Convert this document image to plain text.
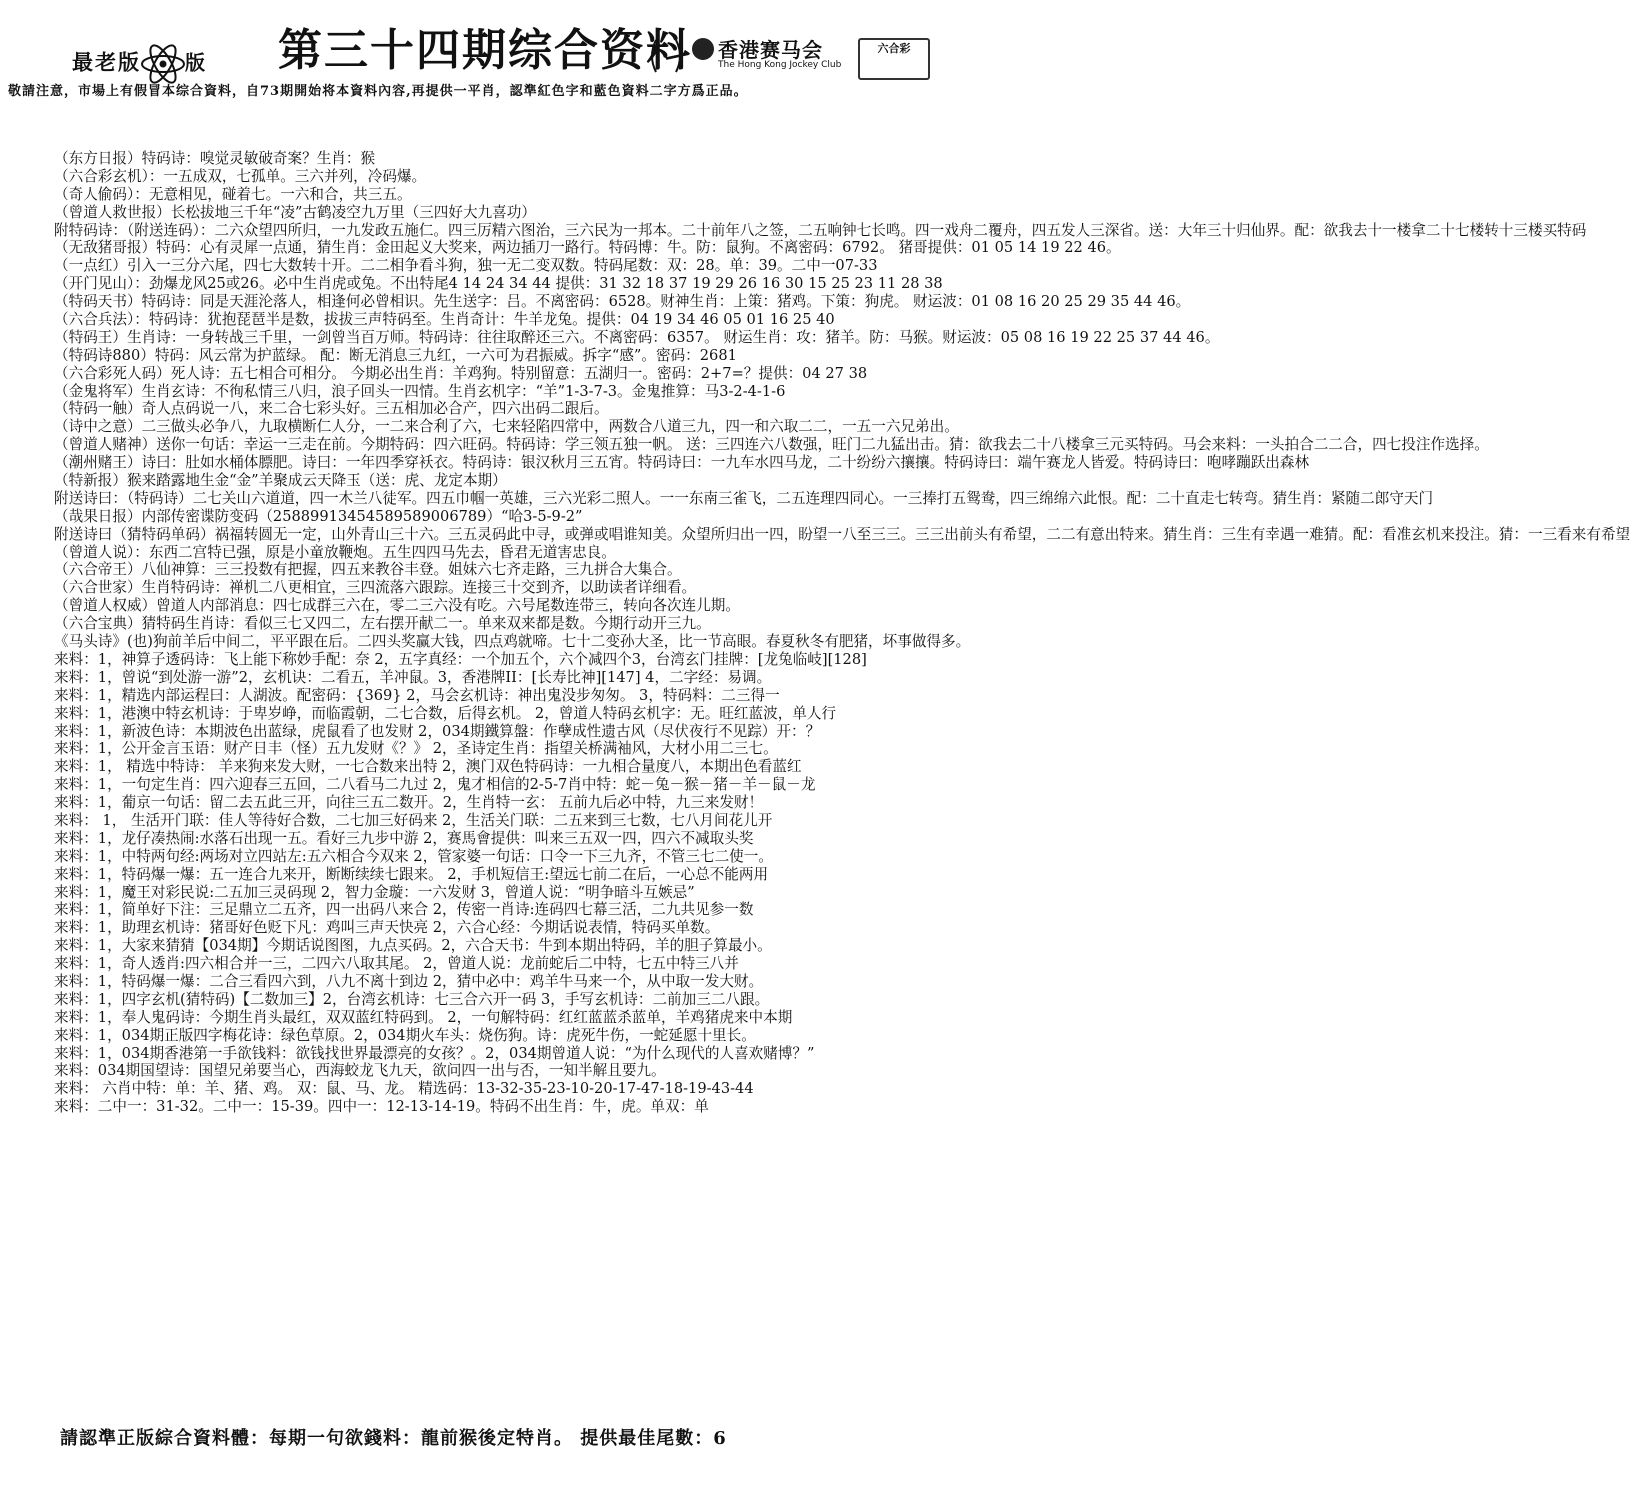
最老版 版 第三十四期综合资料 香港赛马会
The Hong Kong Jockey Club
六合彩
敬請注意，市場上有假冒本综合資料，自73期開始将本資料內容,再提供一平肖，認準紅色字和藍色資料二字方爲正品。
（东方日报）特码诗：嗅觉灵敏破奇案？生肖：猴
（六合彩玄机）：一五成双，七孤单。三六并列，冷码爆。
（奇人偷码）：无意相见，碰着七。一六和合，共三五。
（曾道人救世报）长松拔地三千年“凌”古鹤凌空九万里（三四好大九喜功）
附特码诗：（附送连码）：二六众望四所归，一九发政五施仁。四三厉精六图治，三六民为一邦本。二十前年八之签，二五响钟七长鸣。四一戏舟二覆舟，四五发人三深省。送：大年三十归仙界。配：欲我去十一楼拿二十七楼转十三楼买特码
（无敌猪哥报）特码：心有灵犀一点通，猜生肖：金田起义大奖来，两边插刀一路行。特码博：牛。防：鼠狗。不离密码：6792。 猪哥提供：01 05 14 19 22 46。
（一点红）引入一三分六尾，四七大数转十开。二二相争看斗狗，独一无二变双数。特码尾数：双：28。单：39。二中一07-33
（开门见山）：劲爆龙风25或26。必中生肖虎或兔。不出特尾4 14 24 34 44 提供：31 32 18 37 19 29 26 16 30 15 25 23 11 28 38
（特码天书）特码诗：同是天涯沦落人，相逢何必曾相识。先生送字：吕。不离密码：6528。财神生肖：上策：猪鸡。下策：狗虎。 财运波：01 08 16 20 25 29 35 44 46。
（六合兵法）：特码诗：犹抱琵琶半是数，拔拔三声特码至。生肖奇计：牛羊龙兔。提供：04 19 34 46 05 01 16 25 40
（特码王）生肖诗：一身转战三千里，一剑曾当百万师。特码诗：往往取醉还三六。不离密码：6357。 财运生肖：攻：猪羊。防：马猴。财运波：05 08 16 19 22 25 37 44 46。
（特码诗880）特码：风云常为护蓝绿。 配：断无消息三九红，一六可为君振威。拆字“感”。密码：2681
（六合彩死人码）死人诗：五七相合可相分。 今期必出生肖：羊鸡狗。特别留意：五湖归一。密码：2+7=？提供：04 27 38
（金鬼将军）生肖玄诗：不徇私情三八归，浪子回头一四情。生肖玄机字：“羊”1-3-7-3。金鬼推算：马3-2-4-1-6
（特码一触）奇人点码说一八，来二合七彩头好。三五相加必合产，四六出码二跟后。
（诗中之意）二三做头必争八，九取横断仁人分，一二来合利了六，七来轻陷四常中，两数合八道三九，四一和六取二二，一五一六兄弟出。
（曾道人赌神）送你一句话：幸运一三走在前。今期特码：四六旺码。特码诗：学三领五独一帆。 送：三四连六八数强，旺门二九猛出击。猜：欲我去二十八楼拿三元买特码。马会来料：一头拍合二二合，四七投注作选择。
（潮州赌王）诗曰：肚如水桶体膘肥。诗曰：一年四季穿袄衣。特码诗：银汉秋月三五宵。特码诗曰：一九车水四马龙，二十纷纷六攘攘。特码诗曰：端午赛龙人皆爱。特码诗曰：咆哮蹦跃出森林
（特新报）猴来踏露地生金“金”羊聚成云天降玉（送：虎、龙定本期）
附送诗曰：（特码诗）二七关山六道道，四一木兰八徒军。四五巾帼一英雄，三六光彩二照人。一一东南三雀飞，二五连理四同心。一三捧打五鸳鸯，四三绵绵六此恨。配：二十直走七转弯。猜生肖：紧随二郎守天门
（哉果日报）内部传密谍防变码（25889913454589589006789）“哈3-5-9-2”
附送诗曰（猜特码单码）祸福转圆无一定，山外青山三十六。三五灵码此中寻，或弹或唱谁知美。众望所归出一四，盼望一八至三三。三三出前头有希望，二二有意出特来。猜生肖：三生有幸遇一难猜。配：看准玄机来投注。猜：一三看来有希望
（曾道人说）：东西二宫特已强，原是小童放鞭炮。五生四四马先去，昏君无道害忠良。
（六合帝王）八仙神算：三三投数有把握，四五来教谷丰登。姐妹六七齐走路，三九拼合大集合。
（六合世家）生肖特码诗：禅机二八更相宜，三四流落六跟踪。连接三十交到齐，以助读者详细看。
（曾道人权威）曾道人内部消息：四七成群三六在，零二三六没有吃。六号尾数连带三，转向各次连儿期。
（六合宝典）猜特码生肖诗：看似三七又四二，左右摆开献二一。单来双来都是数。今期行动开三九。
《马头诗》(也)狗前羊后中间二，平平跟在后。二四头奖赢大钱，四点鸡就啼。七十二变孙大圣，比一节高眼。春夏秋冬有肥猪，坏事做得多。
来料：1，神算子透码诗：飞上能下称妙手配：奈 2，五字真经：一个加五个，六个减四个3，台湾玄门挂牌：[龙兔临岐][128]
来料：1，曾说“到处游一游”2，玄机诀：二看五，羊冲鼠。3，香港牌II：[长寿比神][147] 4，二字经：易调。
来料：1，精选内部运程曰：人湖波。配密码：{369} 2，马会玄机诗：神出鬼没步匆匆。 3，特码料：二三得一
来料：1，港澳中特玄机诗：于卑岁峥，而临霞朝，二七合数，后得玄机。 2，曾道人特码玄机字：无。旺红蓝波，单人行
来料：1，新波色诗：本期波色出蓝绿，虎鼠看了也发财 2，034期鐵算盤：作孽成性遗古风（尽伏夜行不见踪）开：？
来料：1，公开金言玉语：财产日丰（怪）五九发财《？》 2，圣诗定生肖：指望关桥满袖风，大材小用二三七。
来料：1， 精选中特诗： 羊来狗来发大财，一七合数来出特 2，澳门双色特码诗：一九相合量度八，本期出色看蓝红
来料：1，一句定生肖：四六迎春三五回，二八看马二九过 2，鬼才相信的2-5-7肖中特：蛇－兔－猴－猪－羊－鼠－龙
来料：1，葡京一句话：留二去五此三开，向往三五二数开。2，生肖特一玄： 五前九后必中特，九三来发财！
来料： 1， 生活开门联：佳人等待好合数，二七加三好码来 2，生活关门联：二五来到三七数，七八月间花儿开
来料：1，龙仔凑热闹:水落石出现一五。看好三九步中游 2，赛馬會提供：叫来三五双一四，四六不减取头奖
来料：1，中特两句经:两场对立四站左:五六相合今双来 2，管家婆一句话：口令一下三九齐，不管三七二使一。
来料：1，特码爆一爆：五一连合九来开，断断续续七跟来。 2，手机短信王:望远七前二在后，一心总不能两用
来料：1，魔王对彩民说:二五加三灵码现 2，智力金璇：一六发财 3，曾道人说：“明争暗斗互嫉忌”
来料：1，简单好下注：三足鼎立二五齐，四一出码八来合 2，传密一肖诗:连码四七幕三活，二九共见参一数
来料：1，助理玄机诗：猪哥好色贬下凡：鸡叫三声天快亮 2，六合心经：今期话说表情，特码买单数。
来料：1，大家来猜猜【034期】今期话说图图，九点买码。2，六合天书：牛到本期出特码，羊的胆子算最小。
来料：1，奇人透肖:四六相合并一三，二四六八取其尾。 2，曾道人说：龙前蛇后二中特，七五中特三八并
来料：1，特码爆一爆：二合三看四六到，八九不离十到边 2，猜中必中：鸡羊牛马来一个，从中取一发大财。
来料：1，四字玄机(猜特码)【二数加三】2，台湾玄机诗：七三合六开一码 3，手写玄机诗：二前加三二八跟。
来料：1，奉人鬼码诗：今期生肖头最红，双双蓝红特码到。 2，一句解特码：红红蓝蓝杀蓝单，羊鸡猪虎来中本期
来料：1，034期正版四字梅花诗：绿色草原。2，034期火车头：烧伤狗。诗：虎死牛伤，一蛇延愿十里长。
来料：1，034期香港第一手欲钱料：欲钱找世界最漂亮的女孩？。2，034期曾道人说：“为什么现代的人喜欢赌博？”
来料：034期国望诗：国望兄弟要当心，西海蛟龙飞九天，欲问四一出与否，一知半解且要九。
来料： 六肖中特：单：羊、猪、鸡。 双：鼠、马、龙。 精选码：13-32-35-23-10-20-17-47-18-19-43-44
来料：二中一：31-32。二中一：15-39。四中一：12-13-14-19。特码不出生肖：牛，虎。单双：单
請認準正版綜合資料體：每期一句欲錢料：龍前猴後定特肖。 提供最佳尾數：6
